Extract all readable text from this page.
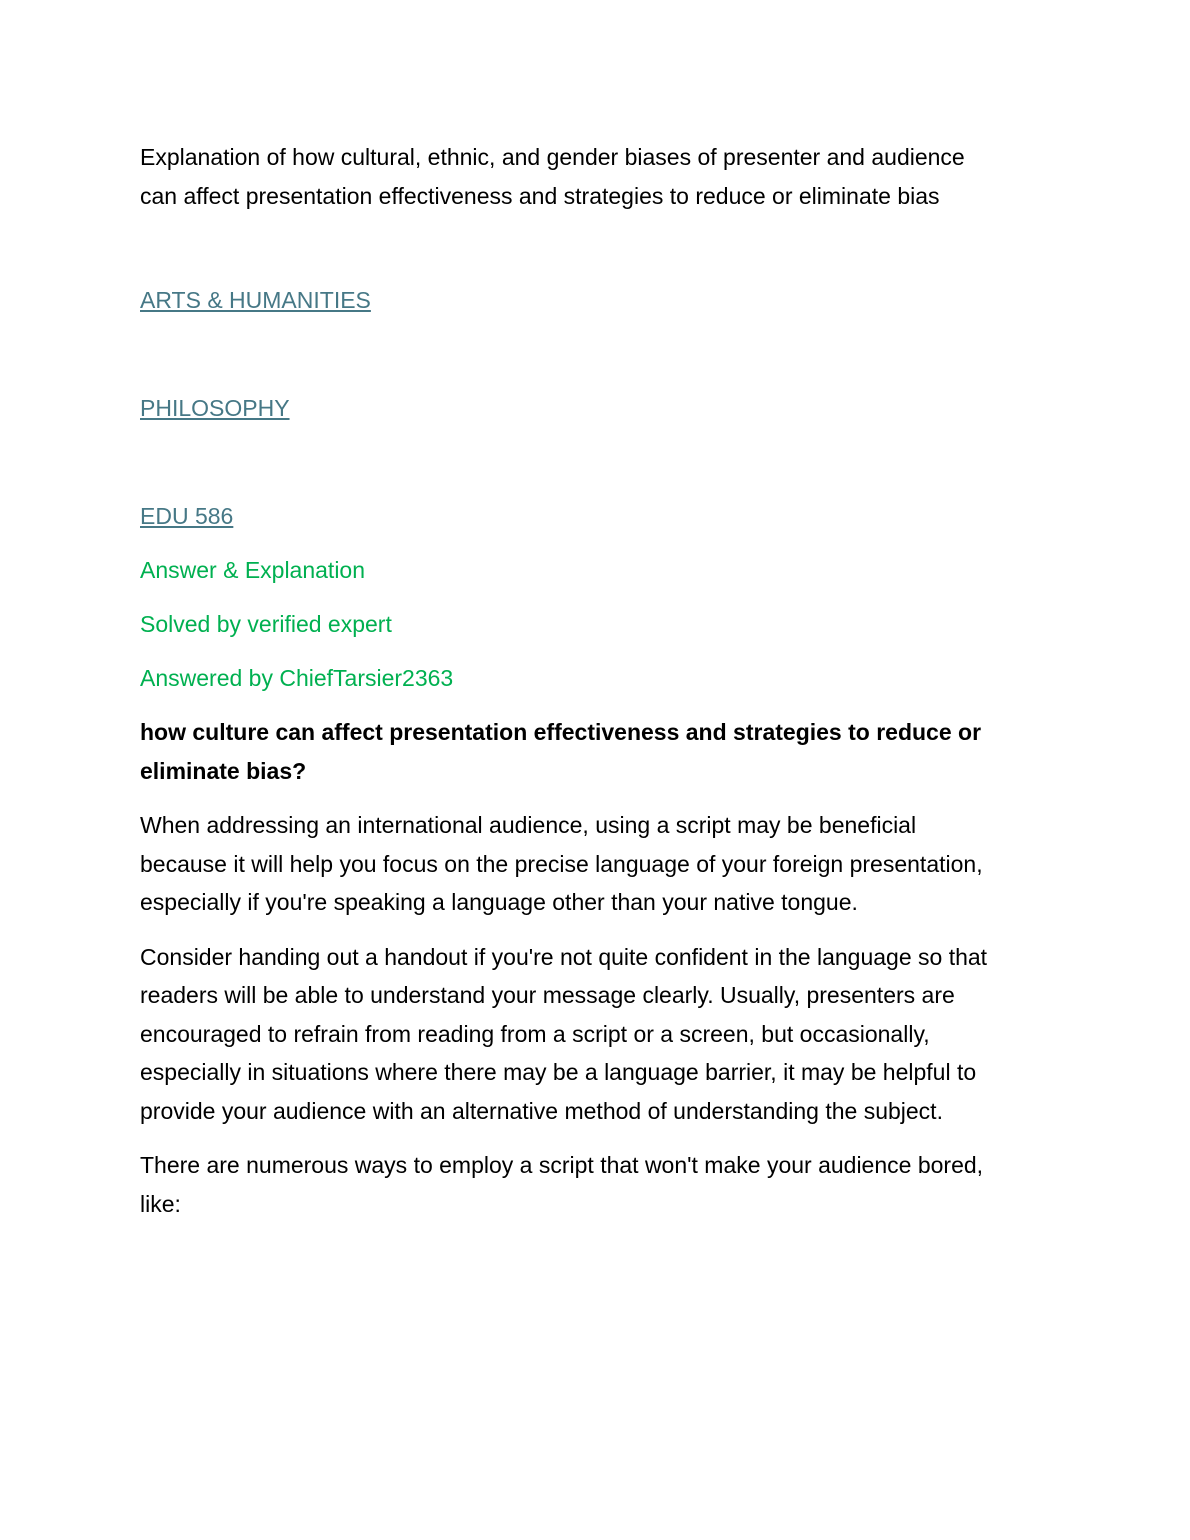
Explanation of how cultural, ethnic, and gender biases of presenter and audience can affect presentation effectiveness and strategies to reduce or eliminate bias

ARTS & HUMANITIES

PHILOSOPHY

EDU 586

Answer & Explanation

Solved by verified expert

Answered by ChiefTarsier2363

how culture can affect presentation effectiveness and strategies to reduce or eliminate bias?

When addressing an international audience, using a script may be beneficial because it will help you focus on the precise language of your foreign presentation, especially if you're speaking a language other than your native tongue.

Consider handing out a handout if you're not quite confident in the language so that readers will be able to understand your message clearly. Usually, presenters are encouraged to refrain from reading from a script or a screen, but occasionally, especially in situations where there may be a language barrier, it may be helpful to provide your audience with an alternative method of understanding the subject.

There are numerous ways to employ a script that won't make your audience bored, like:
